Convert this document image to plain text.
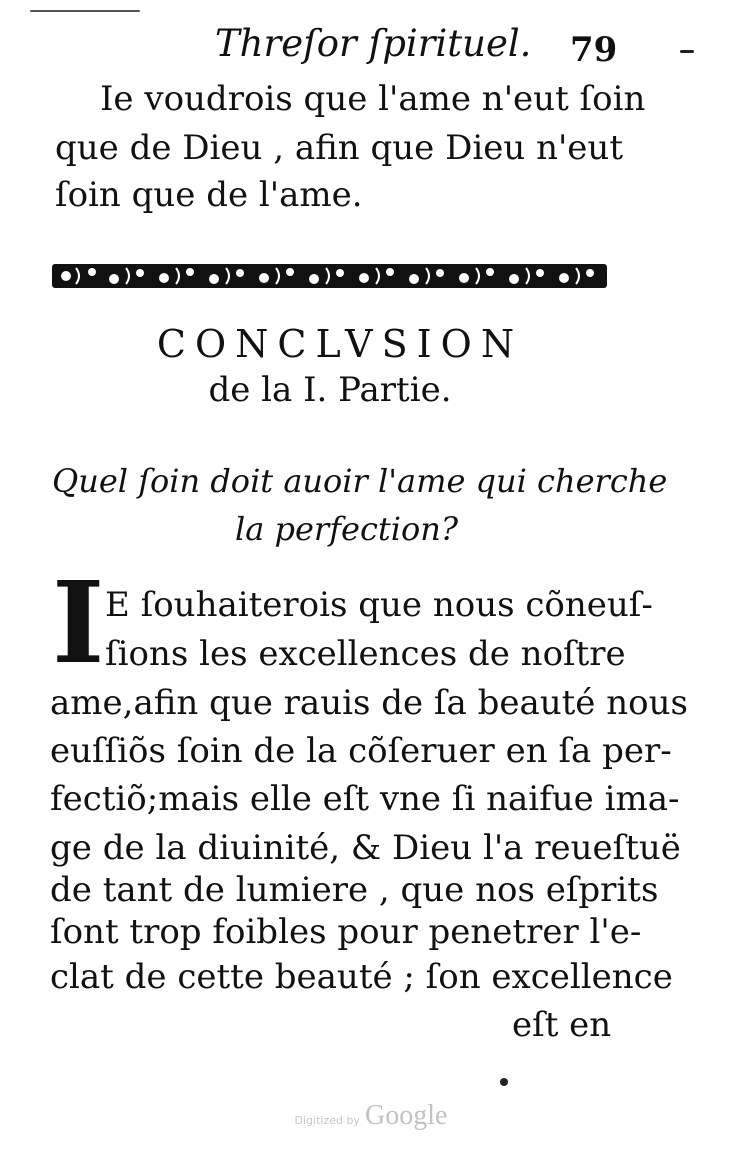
Threſor ſpirituel. 79
Ie voudrois que l'ame n'eut ſoin
que de Dieu , afin que Dieu n'eut
ſoin que de l'ame.
CONCLVSION
de la I. Partie.
Quel ſoin doit auoir l'ame qui cherche
la perfection?
I E ſouhaiterois que nous cõneuſ-
ſions les excellences de noſtre
ame,afin que rauis de ſa beauté nous
euſſiõs ſoin de la cõſeruer en ſa per-
fectiõ;mais elle eſt vne ſi naifue ima-
ge de la diuinité, & Dieu l'a reueſtuë
de tant de lumiere , que nos eſprits
ſont trop foibles pour penetrer l'e-
clat de cette beauté ; ſon excellence
eſt en
Digitized by Google
